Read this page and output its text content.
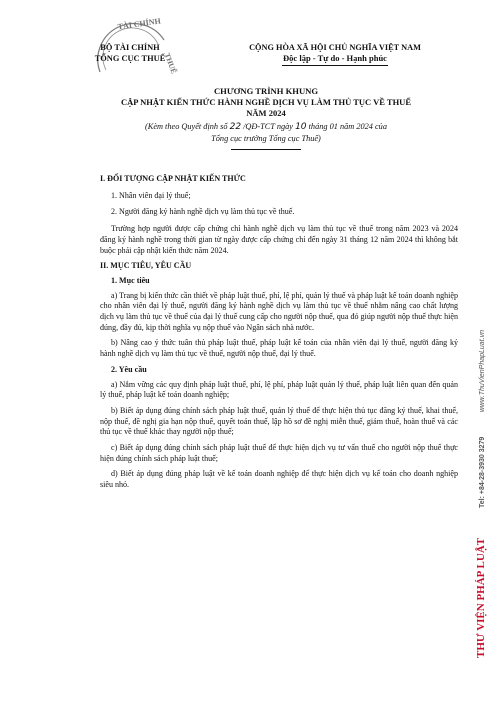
TÀI CHÍNH
THUẾ
BỘ TÀI CHÍNH
TỔNG CỤC THUẾ
CỘNG HÒA XÃ HỘI CHỦ NGHĨA VIỆT NAM
Độc lập - Tự do - Hạnh phúc
CHƯƠNG TRÌNH KHUNG
CẬP NHẬT KIẾN THỨC HÀNH NGHỀ DỊCH VỤ LÀM THỦ TỤC VỀ THUẾ
NĂM 2024
(Kèm theo Quyết định số 22 /QĐ-TCT ngày 10 tháng 01 năm 2024 của
Tổng cục trưởng Tổng cục Thuế)

I. ĐỐI TƯỢNG CẬP NHẬT KIẾN THỨC

1. Nhân viên đại lý thuế;

2. Người đăng ký hành nghề dịch vụ làm thủ tục về thuế.

Trường hợp người được cấp chứng chỉ hành nghề dịch vụ làm thủ tục về thuế trong năm 2023 và 2024 đăng ký hành nghề trong thời gian từ ngày được cấp chứng chỉ đến ngày 31 tháng 12 năm 2024 thì không bắt buộc phải cập nhật kiến thức năm 2024.

II. MỤC TIÊU, YÊU CẦU

1. Mục tiêu

a) Trang bị kiến thức cần thiết về pháp luật thuế, phí, lệ phí, quản lý thuế và pháp luật kế toán doanh nghiệp cho nhân viên đại lý thuế, người đăng ký hành nghề dịch vụ làm thủ tục về thuế nhằm nâng cao chất lượng dịch vụ làm thủ tục về thuế của đại lý thuế cung cấp cho người nộp thuế, qua đó giúp người nộp thuế thực hiện đúng, đầy đủ, kịp thời nghĩa vụ nộp thuế vào Ngân sách nhà nước.

b) Nâng cao ý thức tuân thủ pháp luật thuế, pháp luật kế toán của nhân viên đại lý thuế, người đăng ký hành nghề dịch vụ làm thủ tục về thuế, người nộp thuế, đại lý thuế.

2. Yêu cầu

a) Nắm vững các quy định pháp luật thuế, phí, lệ phí, pháp luật quản lý thuế, pháp luật liên quan đến quản lý thuế, pháp luật kế toán doanh nghiệp;

b) Biết áp dụng đúng chính sách pháp luật thuế, quản lý thuế để thực hiện thủ tục đăng ký thuế, khai thuế, nộp thuế, đề nghị gia hạn nộp thuế, quyết toán thuế, lập hồ sơ đề nghị miễn thuế, giảm thuế, hoàn thuế và các thủ tục về thuế khác thay người nộp thuế;

c) Biết áp dụng đúng chính sách pháp luật thuế để thực hiện dịch vụ tư vấn thuế cho người nộp thuế thực hiện đúng chính sách pháp luật thuế;

d) Biết áp dụng đúng pháp luật về kế toán doanh nghiệp để thực hiện dịch vụ kế toán cho doanh nghiệp siêu nhỏ.

THƯ VIỆN PHÁP LUẬT
Tel: +84-28-3930 3279
www.ThuVienPhapLuat.vn
